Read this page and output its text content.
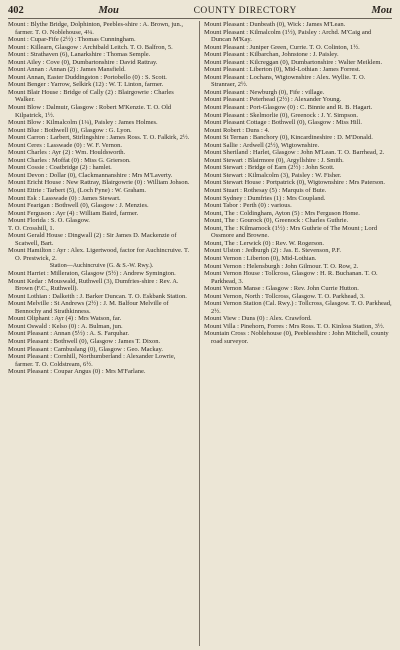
402	Mou	COUNTY DIRECTORY	Mou

Mount : Blythe Bridge, Dolphinton, Peebles-shire : A. Brown, jun., farmer. T. O. Noblehouse, 4¼.

Mount : Cupar-Fife (2½) : Thomas Cunningham.

Mount : Killearn, Glasgow : Archibald Leitch. T. O. Balfron, 5.

Mount : Strathaven (6), Lanarkshire : Thomas Semple.

Mount Ailey : Cove (0), Dumbartonshire : David Rattray.

Mount Annan : Annan (2) : James Mansfield.

Mount Annan, Easter Duddingston : Portobello (0) : S. Scott.

Mount Benger : Yarrow, Selkirk (12) : W. T. Linton, farmer.

Mount Blair House : Bridge of Cally (2) : Blairgowrie : Charles Walker.

Mount Blow : Dalmuir, Glasgow : Robert M'Kenzie. T. O. Old Kilpatrick, 1½.

Mount Blow : Kilmalcolm (1¼), Paisley : James Holmes.

Mount Blue : Bothwell (0), Glasgow : G. Lyon.

Mount Carron : Larbert, Stirlingshire : James Ross. T. O. Falkirk, 2½.

Mount Ceres : Lasswade (0) : W. F. Vernon.

Mount Charles : Ayr (2) : Wm. Houldsworth.

Mount Charles : Moffat (0) : Miss G. Grierson.

Mount Cossie : Coatbridge (2) : hamlet.

Mount Devon : Dollar (0), Clackmannanshire : Mrs M'Laverty.

Mount Ericht House : New Rattray, Blairgowrie (0) : William Johson.

Mount Ettrie : Tarbert (5), (Loch Fyne) : W. Graham.

Mount Esk : Lasswade (0) : James Stewart.

Mount Fearigan : Bothwell (0), Glasgow : J. Menzies.

Mount Ferguson : Ayr (4) : William Baird, farmer.

Mount Florida : S. O. Glasgow.

T. O. Crosshill, 1.

Mount Gerald House : Dingwall (2) : Sir James D. Mackenzie of Scatwell, Bart.

Mount Hamilton : Ayr : Alex. Ligertwood, factor for Auchincruive. T. O. Prestwick, 2.

Station—Auchincruive (G. & S.-W. Rwy.).

Mount Harriet : Milleraton, Glasgow (5½) : Andrew Symington.

Mount Kedar : Mouswald, Ruthwell (3), Dumfries-shire : Rev. A. Brown (F.C., Ruthwell).

Mount Lothian : Dalkeith : J. Barker Duncan. T. O. Eskbank Station.

Mount Melville : St Andrews (2½) : J. M. Balfour Melville of Bennochy and Strathkinness.

Mount Oliphant : Ayr (4) : Mrs Watson, far.

Mount Oswald : Kelso (0) : A. Bulman, jun.

Mount Pleasant : Annan (5½) : A. S. Farquhar.

Mount Pleasant : Bothwell (0), Glasgow : James T. Dixon.

Mount Pleasant : Cambuslang (0), Glasgow : Geo. Mackay.

Mount Pleasant : Cornhill, Northumberland : Alexander Lowrie, farmer. T. O. Coldstream, 6½.

Mount Pleasant : Coupar Angus (0) : Mrs M'Farlane.

Mount Pleasant : Dunbeath (0), Wick : James M'Lean.

Mount Pleasant : Kilmalcolm (1½), Paisley : Archd. M'Caig and Duncan M'Kay.

Mount Pleasant : Juniper Green, Currie. T. O. Colinton, 1½.

Mount Pleasant : Kilbarchan, Johnstone : J. Paisley.

Mount Pleasant : Kilcreggan (0), Dumbartonshire : Walter Meiklem.

Mount Pleasant : Liberton (0), Mid-Lothian : James Forrest.

Mount Pleasant : Lochans, Wigtownshire : Alex. Wyllie. T. O. Stranraer, 2½.

Mount Pleasant : Newburgh (0), Fife : village.

Mount Pleasant : Peterhead (2½) : Alexander Young.

Mount Pleasant : Port-Glasgow (0) : C. Binnie and R. B. Hagart.

Mount Pleasant : Skelmorlie (0), Greenock : J. Y. Simpson.

Mount Pleasant Cottage : Bothwell (0), Glasgow : Miss Hill.

Mount Robert : Duns : 4.

Mount St Ternan : Banchory (0), Kincardineshire : D. M'Donald.

Mount Sallie : Ardwell (2½), Wigtownshire.

Mount Sheriland : Harlet, Glasgow : John M'Lean. T. O. Barrhead, 2.

Mount Stewart : Blairmore (0), Argyllshire : J. Smith.

Mount Stewart : Bridge of Earn (2½) : John Scott.

Mount Stewart : Kilmalcolm (3), Paisley : W. Fisher.

Mount Stewart House : Portpatrick (0), Wigtownshire : Mrs Paterson.

Mount Stuart : Rothesay (5) : Marquis of Bute.

Mount Sydney : Dumfries (1) : Mrs Coupland.

Mount Tabor : Perth (0) : various.

Mount, The : Coldingham, Ayton (5) : Mrs Ferguson Home.

Mount, The : Gourock (0), Greenock : Charles Guthrie.

Mount, The : Kilmarnock (1½) : Mrs Guthrie of The Mount ; Lord Ossmore and Browne.

Mount, The : Lerwick (0) : Rev. W. Rogerson.

Mount Ulston : Jedburgh (2) : Jas. E. Stevenson, P.F.

Mount Vernon : Liberton (0), Mid-Lothian.

Mount Vernon : Helensburgh : John Gilmour. T. O. Row, 2.

Mount Vernon House : Tollcross, Glasgow : H. R. Buchanan. T. O. Parkhead, 3.

Mount Vernon Manse : Glasgow : Rev. John Currie Hutton.

Mount Vernon, North : Tollcross, Glasgow. T. O. Parkhead, 3.

Mount Vernon Station (Cal. Rwy.) : Tollcross, Glasgow. T. O. Parkhead, 2½.

Mount View : Duns (0) : Alex. Crawford.

Mount Villa : Pinehorn, Forres : Mrs Ross. T. O. Kinloss Station, 3½.

Mountain Cross : Noblehouse (0), Peeblesshire : John Mitchell, county road surveyor.
